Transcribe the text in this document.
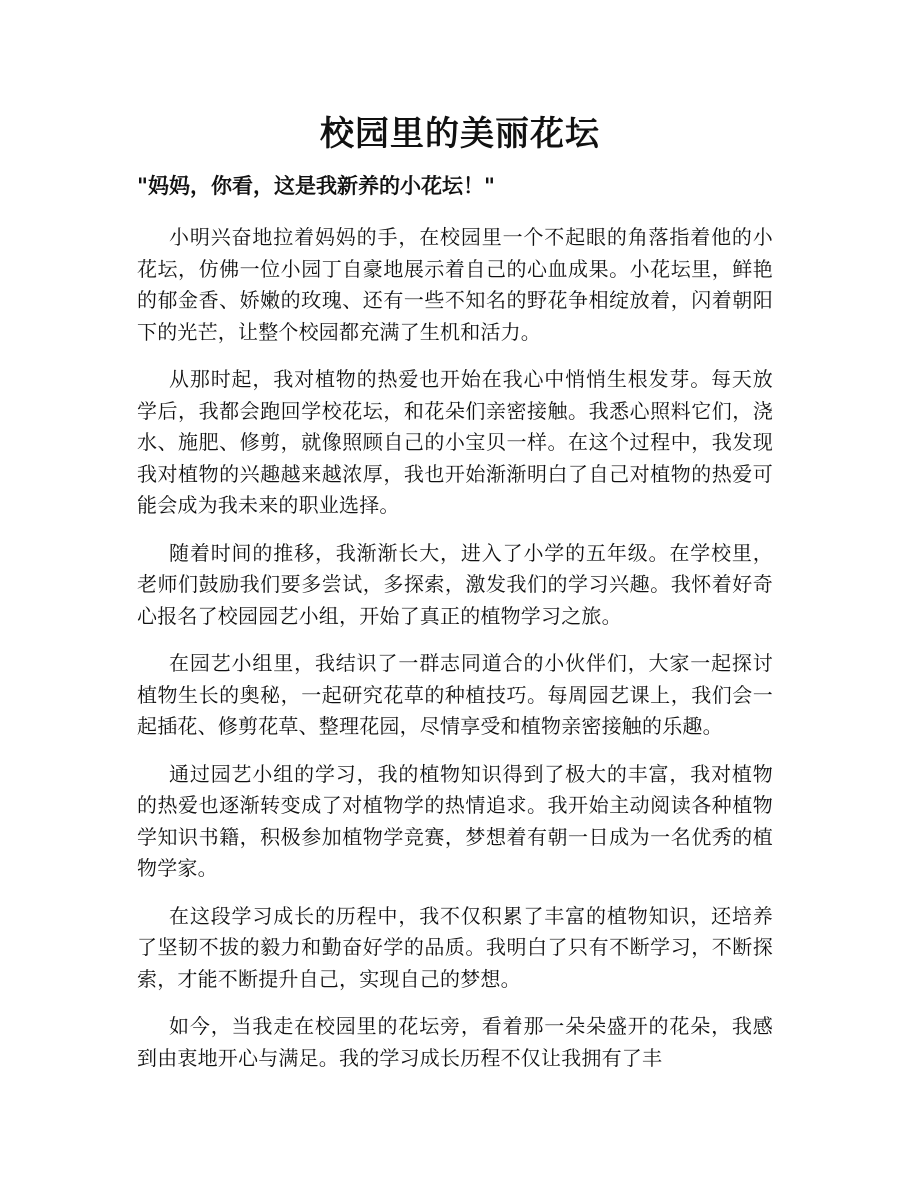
校园里的美丽花坛

"妈妈，你看，这是我新养的小花坛！"

小明兴奋地拉着妈妈的手，在校园里一个不起眼的角落指着他的小花坛，仿佛一位小园丁自豪地展示着自己的心血成果。小花坛里，鲜艳的郁金香、娇嫩的玫瑰、还有一些不知名的野花争相绽放着，闪着朝阳下的光芒，让整个校园都充满了生机和活力。

从那时起，我对植物的热爱也开始在我心中悄悄生根发芽。每天放学后，我都会跑回学校花坛，和花朵们亲密接触。我悉心照料它们，浇水、施肥、修剪，就像照顾自己的小宝贝一样。在这个过程中，我发现我对植物的兴趣越来越浓厚，我也开始渐渐明白了自己对植物的热爱可能会成为我未来的职业选择。

随着时间的推移，我渐渐长大，进入了小学的五年级。在学校里，老师们鼓励我们要多尝试，多探索，激发我们的学习兴趣。我怀着好奇心报名了校园园艺小组，开始了真正的植物学习之旅。

在园艺小组里，我结识了一群志同道合的小伙伴们，大家一起探讨植物生长的奥秘，一起研究花草的种植技巧。每周园艺课上，我们会一起插花、修剪花草、整理花园，尽情享受和植物亲密接触的乐趣。

通过园艺小组的学习，我的植物知识得到了极大的丰富，我对植物的热爱也逐渐转变成了对植物学的热情追求。我开始主动阅读各种植物学知识书籍，积极参加植物学竞赛，梦想着有朝一日成为一名优秀的植物学家。

在这段学习成长的历程中，我不仅积累了丰富的植物知识，还培养了坚韧不拔的毅力和勤奋好学的品质。我明白了只有不断学习，不断探索，才能不断提升自己，实现自己的梦想。

如今，当我走在校园里的花坛旁，看着那一朵朵盛开的花朵，我感到由衷地开心与满足。我的学习成长历程不仅让我拥有了丰
